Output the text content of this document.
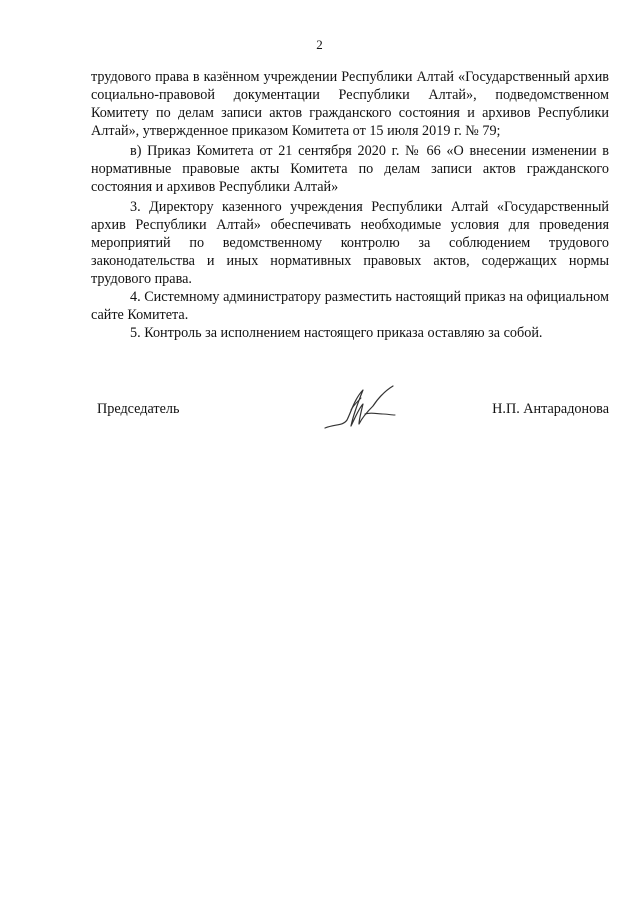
2

трудового права в казённом учреждении Республики Алтай «Государственный архив социально-правовой документации Республики Алтай», подведомственном Комитету по делам записи актов гражданского состояния и архивов Республики Алтай», утвержденное приказом Комитета от 15 июля 2019 г. № 79;

в) Приказ Комитета от 21 сентября 2020 г. № 66 «О внесении изменении в нормативные правовые акты Комитета по делам записи актов гражданского состояния и архивов Республики Алтай»

3. Директору казенного учреждения Республики Алтай «Государственный архив Республики Алтай» обеспечивать необходимые условия для проведения мероприятий по ведомственному контролю за соблюдением трудового законодательства и иных нормативных правовых актов, содержащих нормы трудового права.

4. Системному администратору разместить настоящий приказ на официальном сайте Комитета.

5. Контроль за исполнением настоящего приказа оставляю за собой.

Председатель	Н.П. Антарадонова
